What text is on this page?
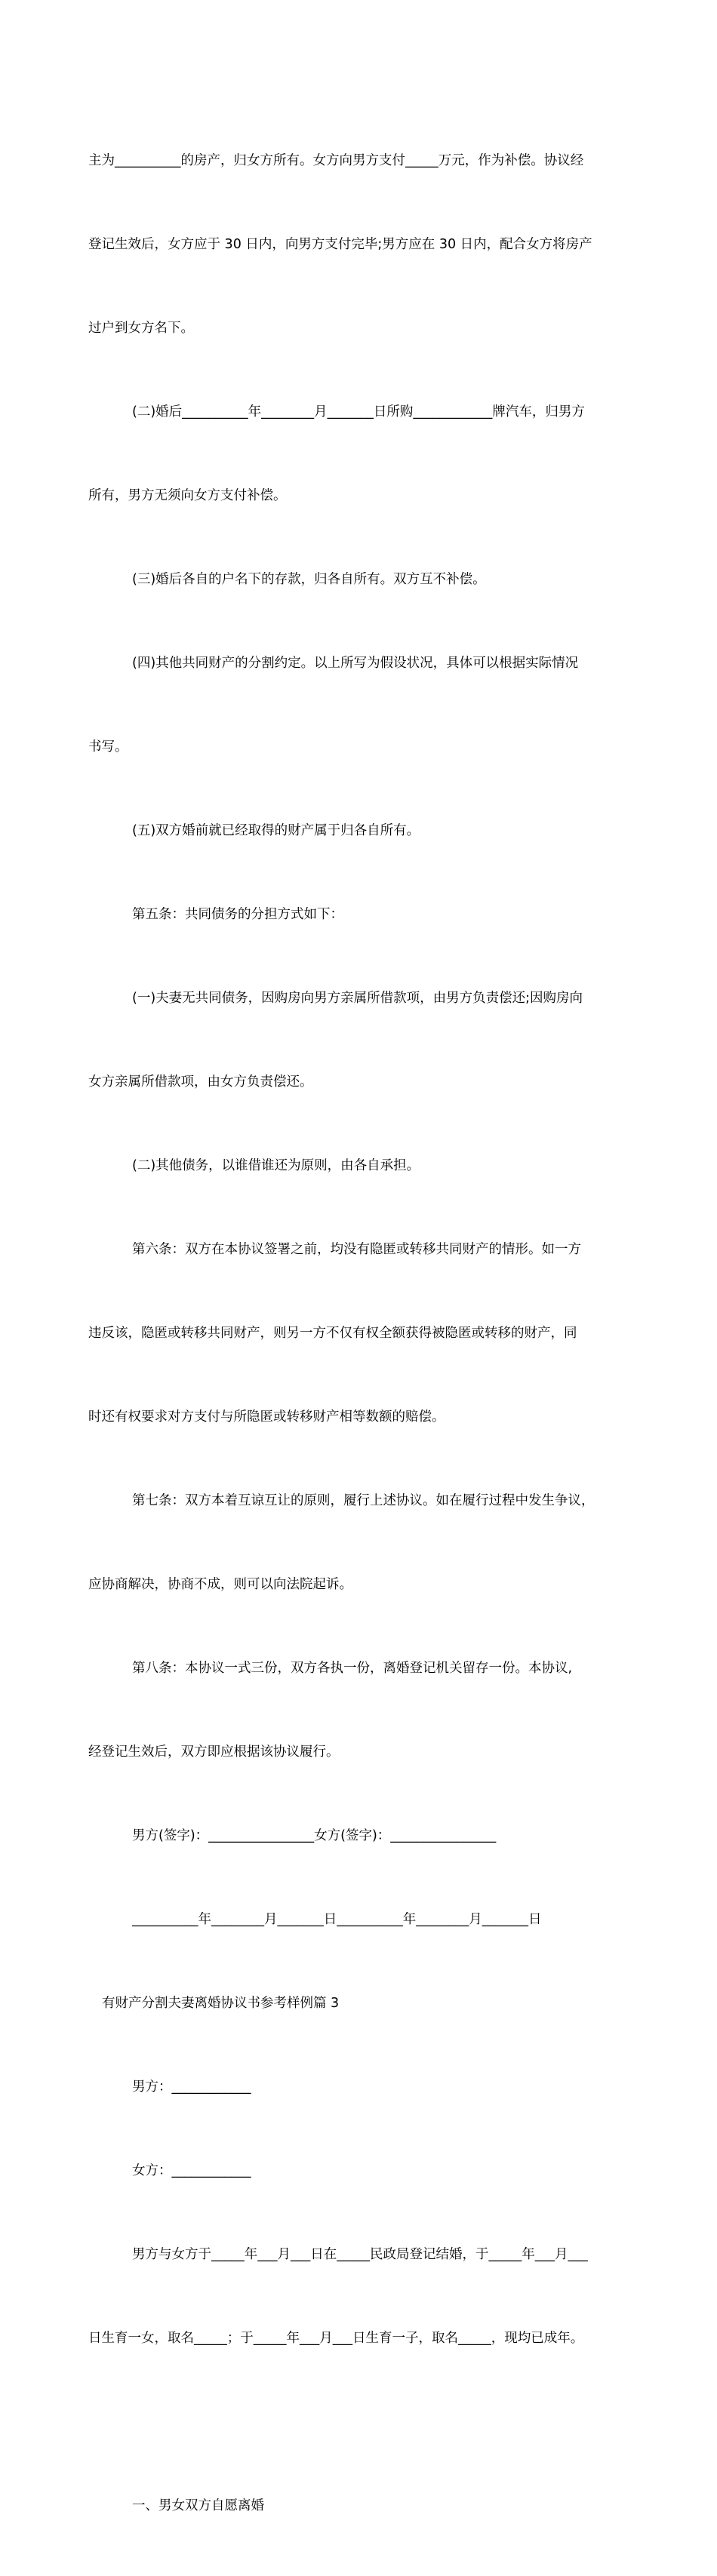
主为__________的房产，归女方所有。女方向男方支付_____万元，作为补偿。协议经

登记生效后，女方应于 30 日内，向男方支付完毕;男方应在 30 日内，配合女方将房产

过户到女方名下。

(二)婚后__________年________月_______日所购____________牌汽车，归男方

所有，男方无须向女方支付补偿。

(三)婚后各自的户名下的存款，归各自所有。双方互不补偿。

(四)其他共同财产的分割约定。以上所写为假设状况，具体可以根据实际情况

书写。

(五)双方婚前就已经取得的财产属于归各自所有。

第五条：共同债务的分担方式如下：

(一)夫妻无共同债务，因购房向男方亲属所借款项，由男方负责偿还;因购房向

女方亲属所借款项，由女方负责偿还。

(二)其他债务，以谁借谁还为原则，由各自承担。

第六条：双方在本协议签署之前，均没有隐匿或转移共同财产的情形。如一方

违反该，隐匿或转移共同财产，则另一方不仅有权全额获得被隐匿或转移的财产，同

时还有权要求对方支付与所隐匿或转移财产相等数额的赔偿。

第七条：双方本着互谅互让的原则，履行上述协议。如在履行过程中发生争议，

应协商解决，协商不成，则可以向法院起诉。

第八条：本协议一式三份，双方各执一份，离婚登记机关留存一份。本协议,

经登记生效后，双方即应根据该协议履行。

男方(签字)：________________女方(签字)：________________

__________年________月_______日__________年________月_______日

有财产分割夫妻离婚协议书参考样例篇 3

男方：____________

女方：____________

男方与女方于_____年___月___日在_____民政局登记结婚，于_____年___月___

日生育一女，取名_____；于_____年___月___日生育一子，取名_____，现均已成年。

一、男女双方自愿离婚
